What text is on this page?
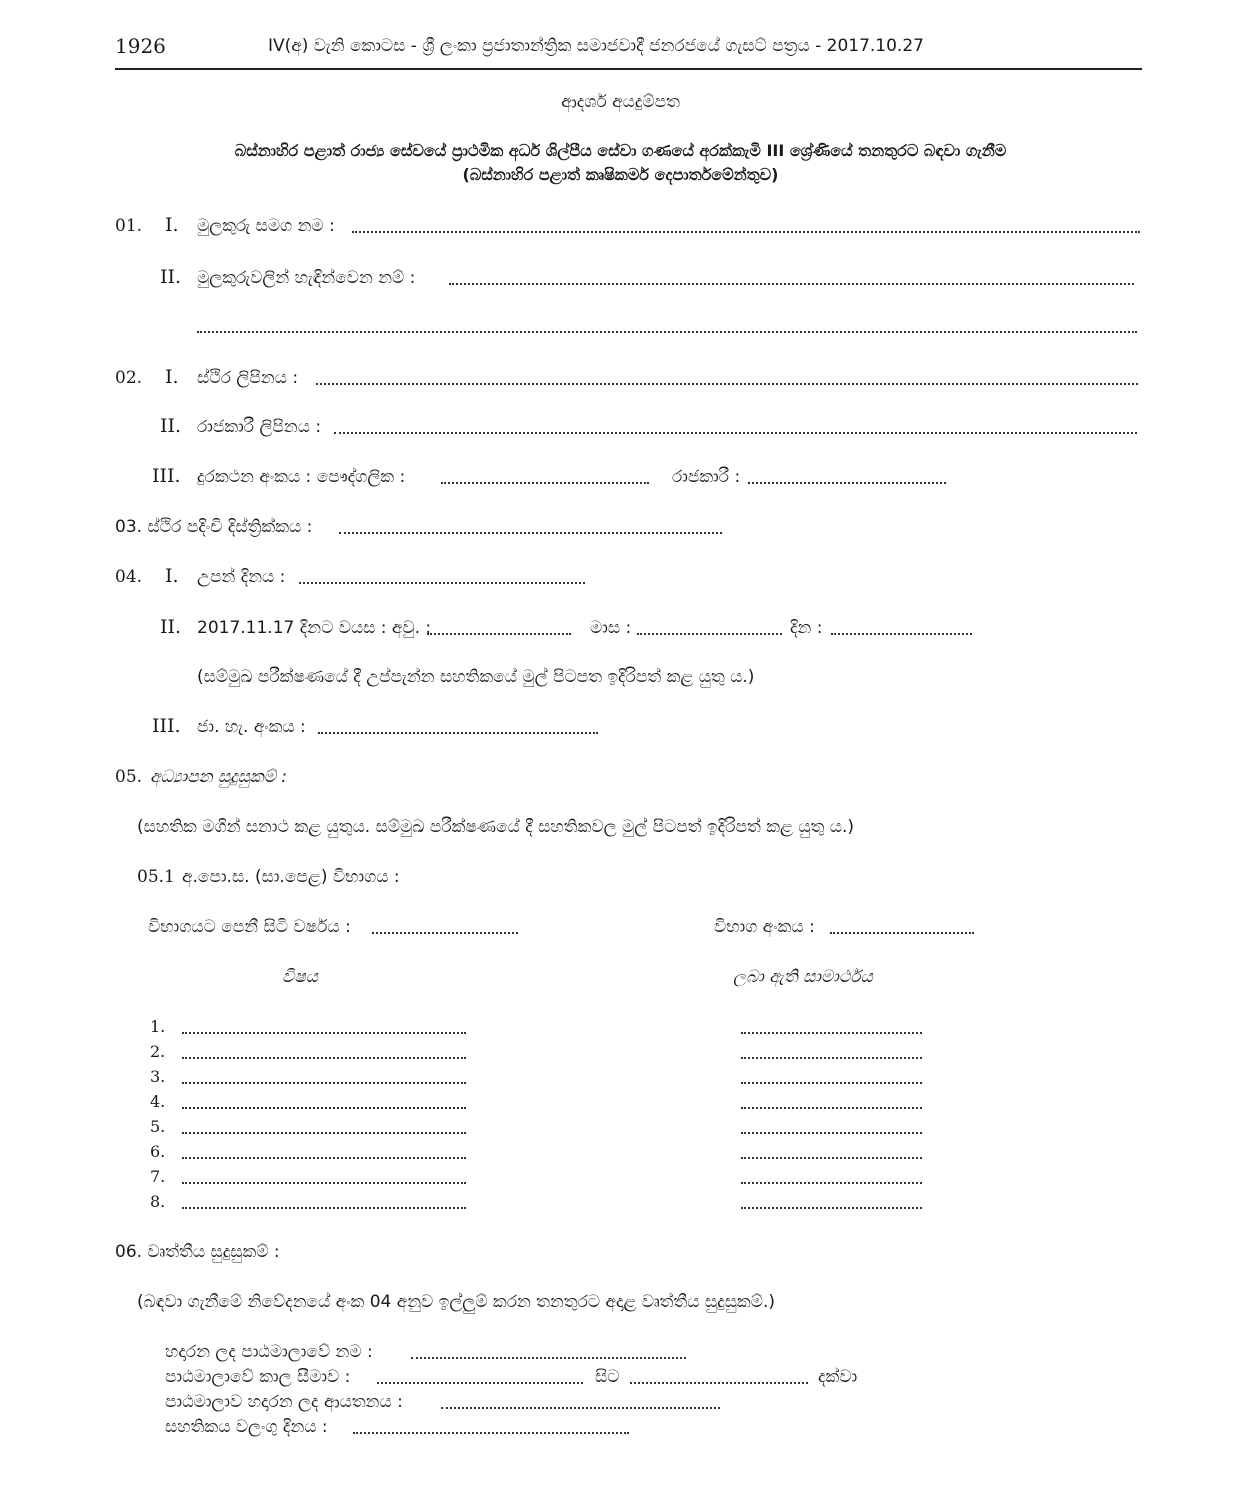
1926	IV(අ) වැනි කොටස - ශ්‍රී ලංකා ප්‍රජාතාන්ත්‍රික සමාජවාදී ජනරජයේ ගැසට් පත්‍රය - 2017.10.27
ආදර්ශ අයදුම්පත
බස්නාහිර පළාත් රාජ්‍ය සේවයේ ප්‍රාථමික අර්ධ ශිල්පීය සේවා ගණයේ අරක්කැමි III ශ්‍රේණියේ තනතුරට බඳවා ගැනීම
(බස්නාහිර පළාත් කෘෂිකර්ම දෙපාර්තමේන්තුව)
01. I. මුලකුරු සමග නම :
II. මුලකුරුවලින් හැඳින්වෙන නම් :
02. I. ස්ථිර ලිපිනය :
II. රාජකාරී ලිපිනය :
III. දුරකථන අංකය : පෞද්ගලික :	රාජකාරී :
03. ස්ථිර පදිංචි දිස්ත්‍රික්කය :
04. I. උපන් දිනය :
II. 2017.11.17 දිනට වයස : අවු. :	මාස :	දින :
(සම්මුඛ පරීක්ෂණයේ දී උප්පැන්න සහතිකයේ මුල් පිටපත ඉදිරිපත් කළ යුතු ය.)
III. ජා. හැ. අංකය :
05. අධ්‍යාපන සුදුසුකම් :
(සහතික මගින් සනාථ කළ යුතුය. සම්මුඛ පරීක්ෂණයේ දී සහතිකවල මුල් පිටපත් ඉදිරිපත් කළ යුතු ය.)
05.1 අ.පො.ස. (සා.පෙළ) විභාගය :
විභාගයට පෙනී සිටි වර්ෂය :	විභාග අංකය :
විෂය	ලබා ඇති සාමාර්ථය
1.
2.
3.
4.
5.
6.
7.
8.
06. වෘත්තීය සුදුසුකම් :
(බඳවා ගැනීමේ නිවේදනයේ අංක 04 අනුව ඉල්ලුම් කරන තනතුරට අදාළ වෘත්තීය සුදුසුකම්.)
හදාරන ලද පාඨමාලාවේ නම :
පාඨමාලාවේ කාල සීමාව :	සිට	දක්වා
පාඨමාලාව හදාරන ලද ආයතනය :
සහතිකය වලංගු දිනය :
